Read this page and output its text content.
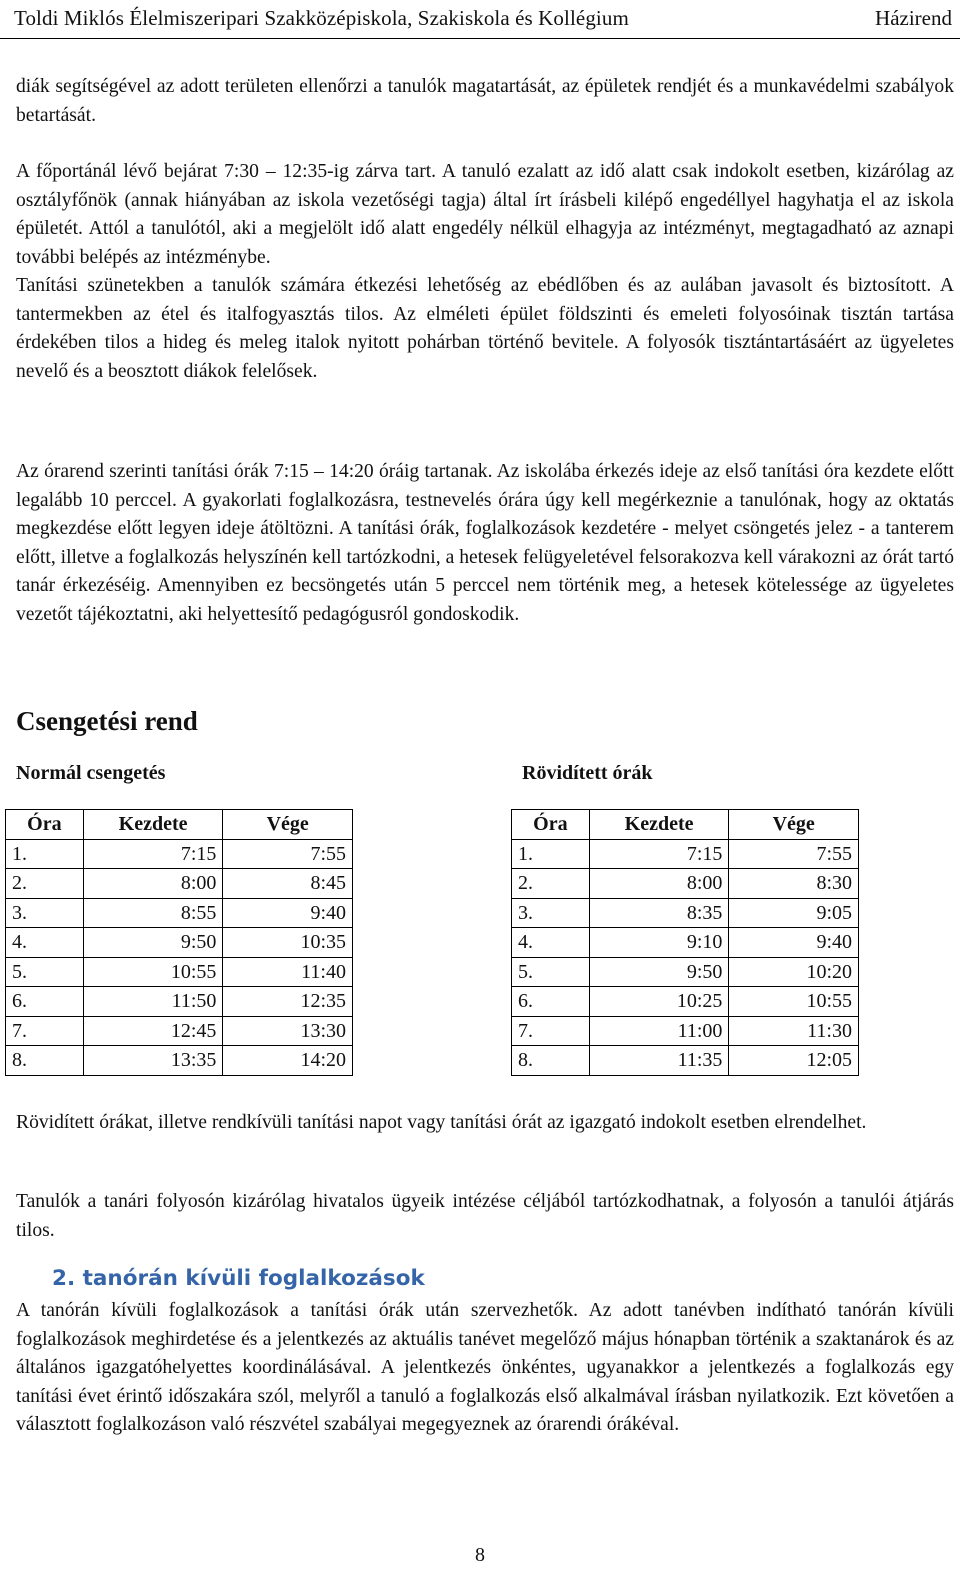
Toldi Miklós Élelmiszeripari Szakközépiskola, Szakiskola és Kollégium	Házirend
diák segítségével az adott területen ellenőrzi a tanulók magatartását, az épületek rendjét és a munkavédelmi szabályok betartását.
A főportánál lévő bejárat 7:30 – 12:35-ig zárva tart. A tanuló ezalatt az idő alatt csak indokolt esetben, kizárólag az osztályfőnök (annak hiányában az iskola vezetőségi tagja) által írt írásbeli kilépő engedéllyel hagyhatja el az iskola épületét. Attól a tanulótól, aki a megjelölt idő alatt engedély nélkül elhagyja az intézményt, megtagadható az aznapi további belépés az intézménybe.
Tanítási szünetekben a tanulók számára étkezési lehetőség az ebédlőben és az aulában javasolt és biztosított. A tantermekben az étel és italfogyasztás tilos. Az elméleti épület földszinti és emeleti folyosóinak tisztán tartása érdekében tilos a hideg és meleg italok nyitott pohárban történő bevitele. A folyosók tisztántartásáért az ügyeletes nevelő és a beosztott diákok felelősek.
Az órarend szerinti tanítási órák 7:15 – 14:20 óráig tartanak. Az iskolába érkezés ideje az első tanítási óra kezdete előtt legalább 10 perccel. A gyakorlati foglalkozásra, testnevelés órára úgy kell megérkeznie a tanulónak, hogy az oktatás megkezdése előtt legyen ideje átöltözni. A tanítási órák, foglalkozások kezdetére - melyet csöngetés jelez - a tanterem előtt, illetve a foglalkozás helyszínén kell tartózkodni, a hetesek felügyeletével felsorakozva kell várakozni az órát tartó tanár érkezéséig. Amennyiben ez becsöngetés után 5 perccel nem történik meg, a hetesek kötelessége az ügyeletes vezetőt tájékoztatni, aki helyettesítő pedagógusról gondoskodik.
Csengetési rend
Normál csengetés	Rövidített órák
Óra	Kezdete	Vége
1.	7:15	7:55
2.	8:00	8:45
3.	8:55	9:40
4.	9:50	10:35
5.	10:55	11:40
6.	11:50	12:35
7.	12:45	13:30
8.	13:35	14:20
Óra	Kezdete	Vége
1.	7:15	7:55
2.	8:00	8:30
3.	8:35	9:05
4.	9:10	9:40
5.	9:50	10:20
6.	10:25	10:55
7.	11:00	11:30
8.	11:35	12:05
Rövidített órákat, illetve rendkívüli tanítási napot vagy tanítási órát az igazgató indokolt esetben elrendelhet.
Tanulók a tanári folyosón kizárólag hivatalos ügyeik intézése céljából tartózkodhatnak, a folyosón a tanulói átjárás tilos.
2. tanórán kívüli foglalkozások
A tanórán kívüli foglalkozások a tanítási órák után szervezhetők. Az adott tanévben indítható tanórán kívüli foglalkozások meghirdetése és a jelentkezés az aktuális tanévet megelőző május hónapban történik a szaktanárok és az általános igazgatóhelyettes koordinálásával. A jelentkezés önkéntes, ugyanakkor a jelentkezés a foglalkozás egy tanítási évet érintő időszakára szól, melyről a tanuló a foglalkozás első alkalmával írásban nyilatkozik. Ezt követően a választott foglalkozáson való részvétel szabályai megegyeznek az órarendi órákéval.
8
